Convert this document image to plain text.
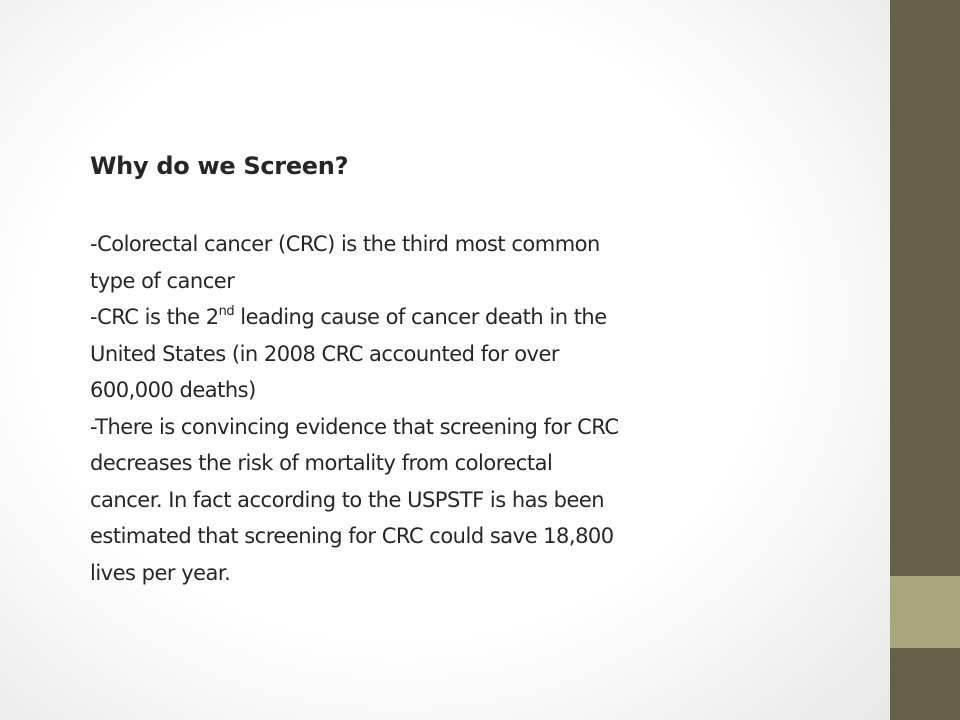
Why do we Screen?
-Colorectal cancer (CRC) is the third most common
type of cancer
-CRC is the 2nd leading cause of cancer death in the
United States (in 2008 CRC accounted for over
600,000 deaths)
-There is convincing evidence that screening for CRC
decreases the risk of mortality from colorectal
cancer. In fact according to the USPSTF is has been
estimated that screening for CRC could save 18,800
lives per year.
